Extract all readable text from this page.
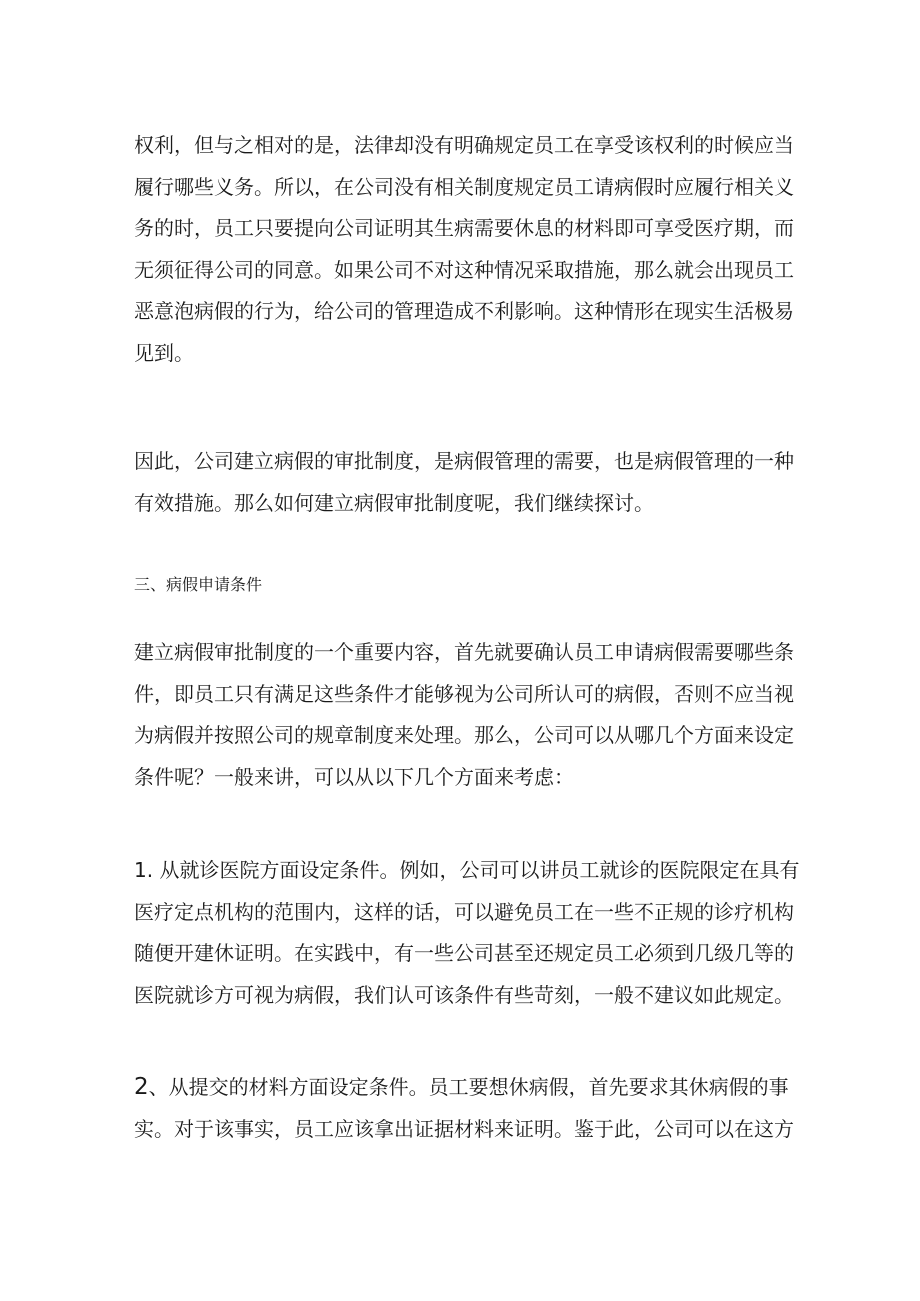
权利，但与之相对的是，法律却没有明确规定员工在享受该权利的时候应当
履行哪些义务。所以，在公司没有相关制度规定员工请病假时应履行相关义
务的时，员工只要提向公司证明其生病需要休息的材料即可享受医疗期，而
无须征得公司的同意。如果公司不对这种情况采取措施，那么就会出现员工
恶意泡病假的行为，给公司的管理造成不利影响。这种情形在现实生活极易
见到。

因此，公司建立病假的审批制度，是病假管理的需要，也是病假管理的一种
有效措施。那么如何建立病假审批制度呢，我们继续探讨。

三、病假申请条件

建立病假审批制度的一个重要内容，首先就要确认员工申请病假需要哪些条
件，即员工只有满足这些条件才能够视为公司所认可的病假，否则不应当视
为病假并按照公司的规章制度来处理。那么，公司可以从哪几个方面来设定
条件呢？一般来讲，可以从以下几个方面来考虑：

1. 从就诊医院方面设定条件。例如，公司可以讲员工就诊的医院限定在具有
医疗定点机构的范围内，这样的话，可以避免员工在一些不正规的诊疗机构
随便开建休证明。在实践中，有一些公司甚至还规定员工必须到几级几等的
医院就诊方可视为病假，我们认可该条件有些苛刻，一般不建议如此规定。

2、从提交的材料方面设定条件。员工要想休病假，首先要求其休病假的事
实。对于该事实，员工应该拿出证据材料来证明。鉴于此，公司可以在这方
